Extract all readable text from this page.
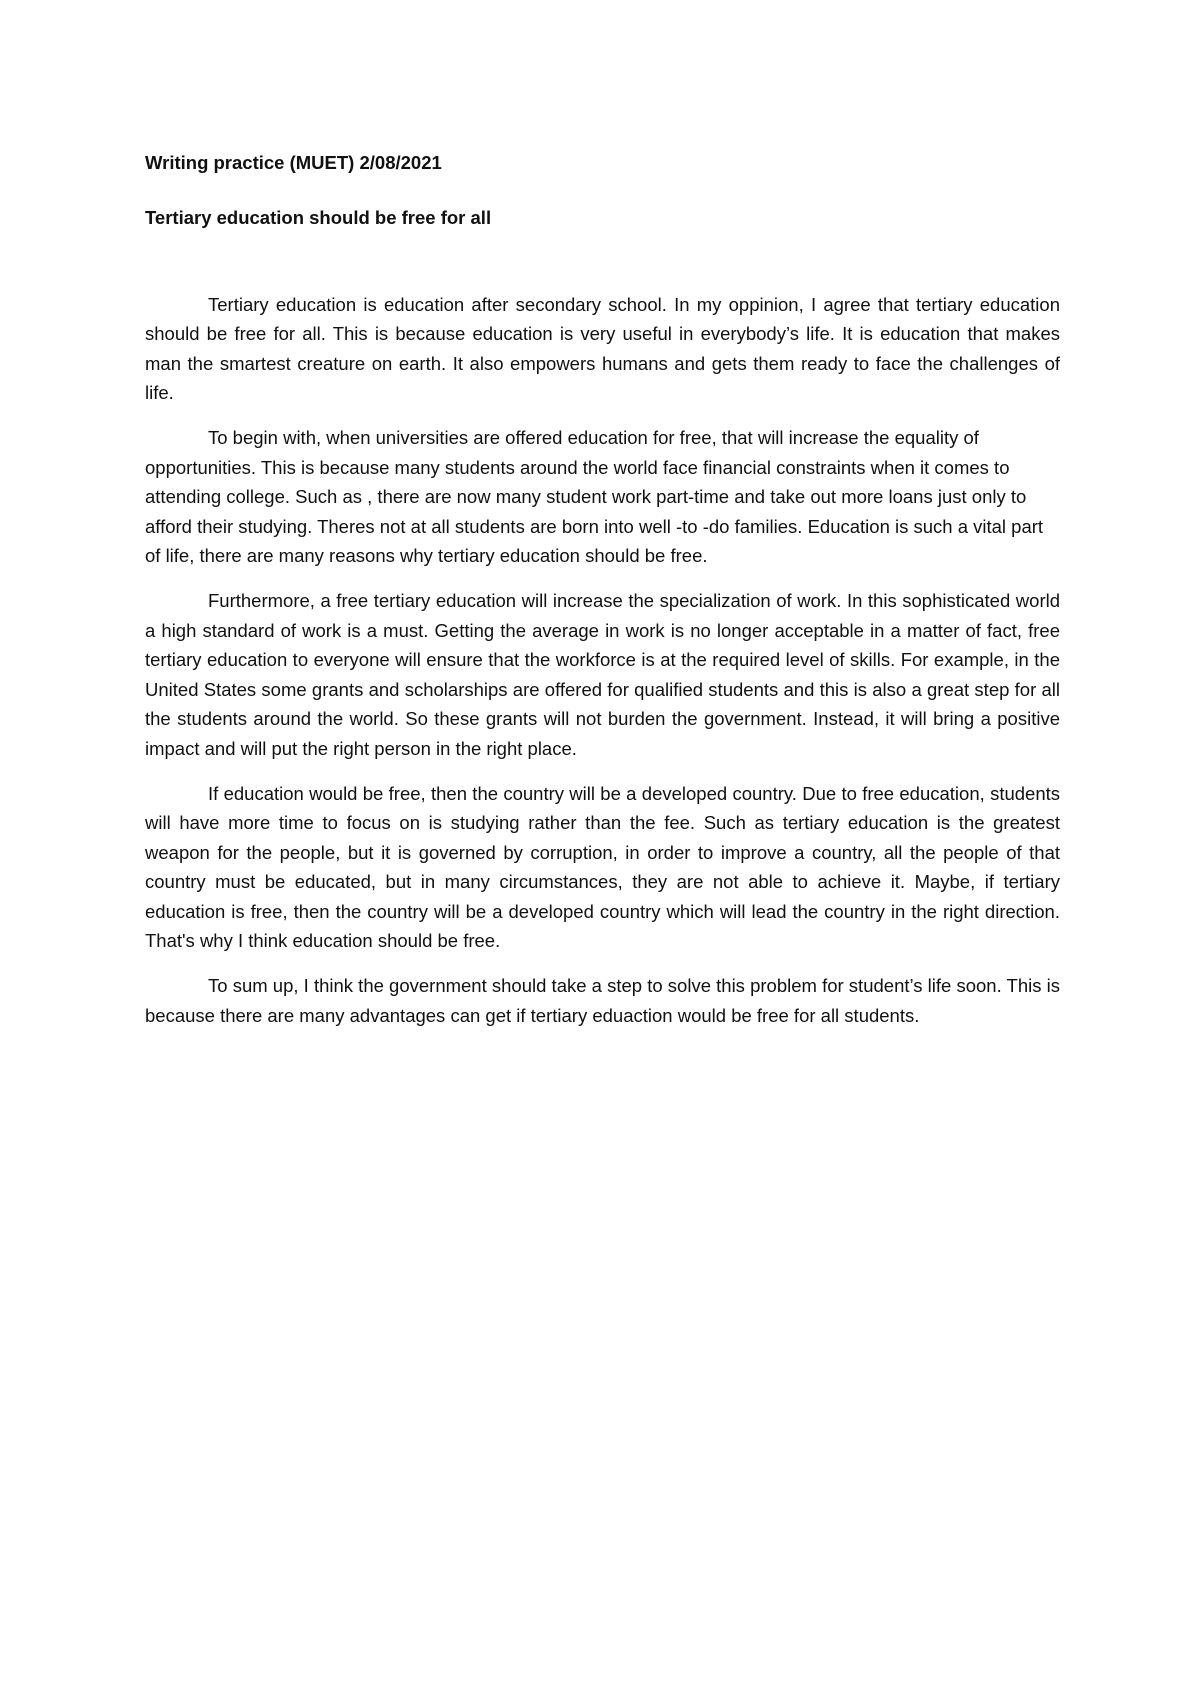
Writing practice (MUET) 2/08/2021

Tertiary education should be free for all

Tertiary education is education after secondary school. In my oppinion, I agree that tertiary education should be free for all. This is because education is very useful in everybody’s life. It is education that makes man the smartest creature on earth. It also empowers humans and gets them ready to face the challenges of life.

To begin with, when universities are offered education for free, that will increase the equality of opportunities. This is because many students around the world face financial constraints when it comes to attending college. Such as , there are now many student work part-time and take out more loans just only to afford their studying. Theres not at all students are born into well -to -do families. Education is such a vital part of life, there are many reasons why tertiary education should be free.

Furthermore, a free tertiary education will increase the specialization of work. In this sophisticated world a high standard of work is a must. Getting the average in work is no longer acceptable in a matter of fact, free tertiary education to everyone will ensure that the workforce is at the required level of skills. For example, in the United States some grants and scholarships are offered for qualified students and this is also a great step for all the students around the world. So these grants will not burden the government. Instead, it will bring a positive impact and will put the right person in the right place.

If education would be free, then the country will be a developed country. Due to free education, students will have more time to focus on is studying rather than the fee. Such as tertiary education is the greatest weapon for the people, but it is governed by corruption, in order to improve a country, all the people of that country must be educated, but in many circumstances, they are not able to achieve it. Maybe, if tertiary education is free, then the country will be a developed country which will lead the country in the right direction. That's why I think education should be free.

To sum up, I think the government should take a step to solve this problem for student’s life soon. This is because there are many advantages can get if tertiary eduaction would be free for all students.
